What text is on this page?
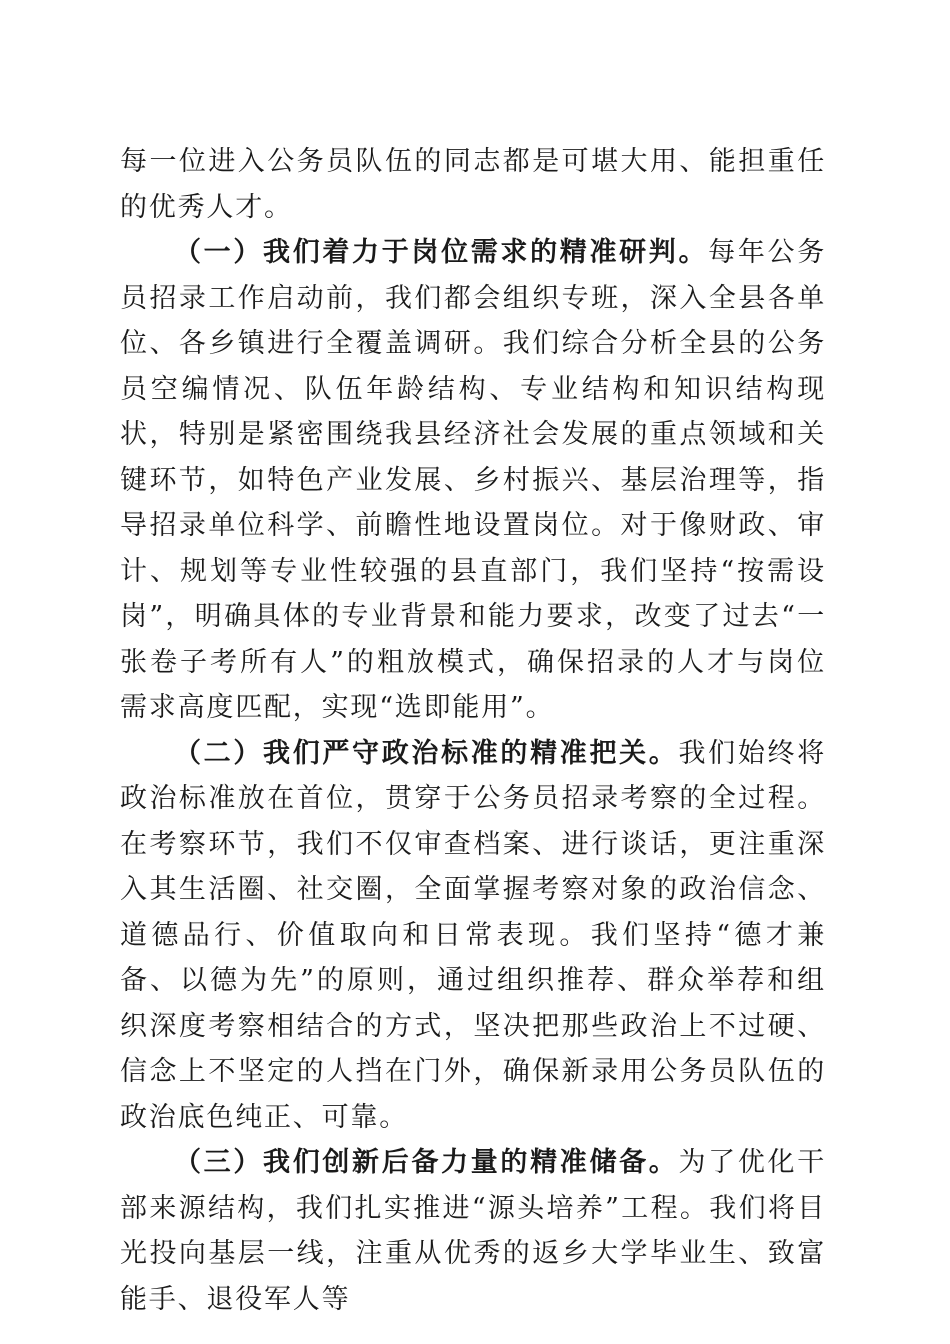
每一位进入公务员队伍的同志都是可堪大用、能担重任的优秀人才。

（一）我们着力于岗位需求的精准研判。每年公务员招录工作启动前，我们都会组织专班，深入全县各单位、各乡镇进行全覆盖调研。我们综合分析全县的公务员空编情况、队伍年龄结构、专业结构和知识结构现状，特别是紧密围绕我县经济社会发展的重点领域和关键环节，如特色产业发展、乡村振兴、基层治理等，指导招录单位科学、前瞻性地设置岗位。对于像财政、审计、规划等专业性较强的县直部门，我们坚持“按需设岗”，明确具体的专业背景和能力要求，改变了过去“一张卷子考所有人”的粗放模式，确保招录的人才与岗位需求高度匹配，实现“选即能用”。

（二）我们严守政治标准的精准把关。我们始终将政治标准放在首位，贯穿于公务员招录考察的全过程。在考察环节，我们不仅审查档案、进行谈话，更注重深入其生活圈、社交圈，全面掌握考察对象的政治信念、道德品行、价值取向和日常表现。我们坚持“德才兼备、以德为先”的原则，通过组织推荐、群众举荐和组织深度考察相结合的方式，坚决把那些政治上不过硬、信念上不坚定的人挡在门外，确保新录用公务员队伍的政治底色纯正、可靠。

（三）我们创新后备力量的精准储备。为了优化干部来源结构，我们扎实推进“源头培养”工程。我们将目光投向基层一线，注重从优秀的返乡大学毕业生、致富能手、退役军人等
